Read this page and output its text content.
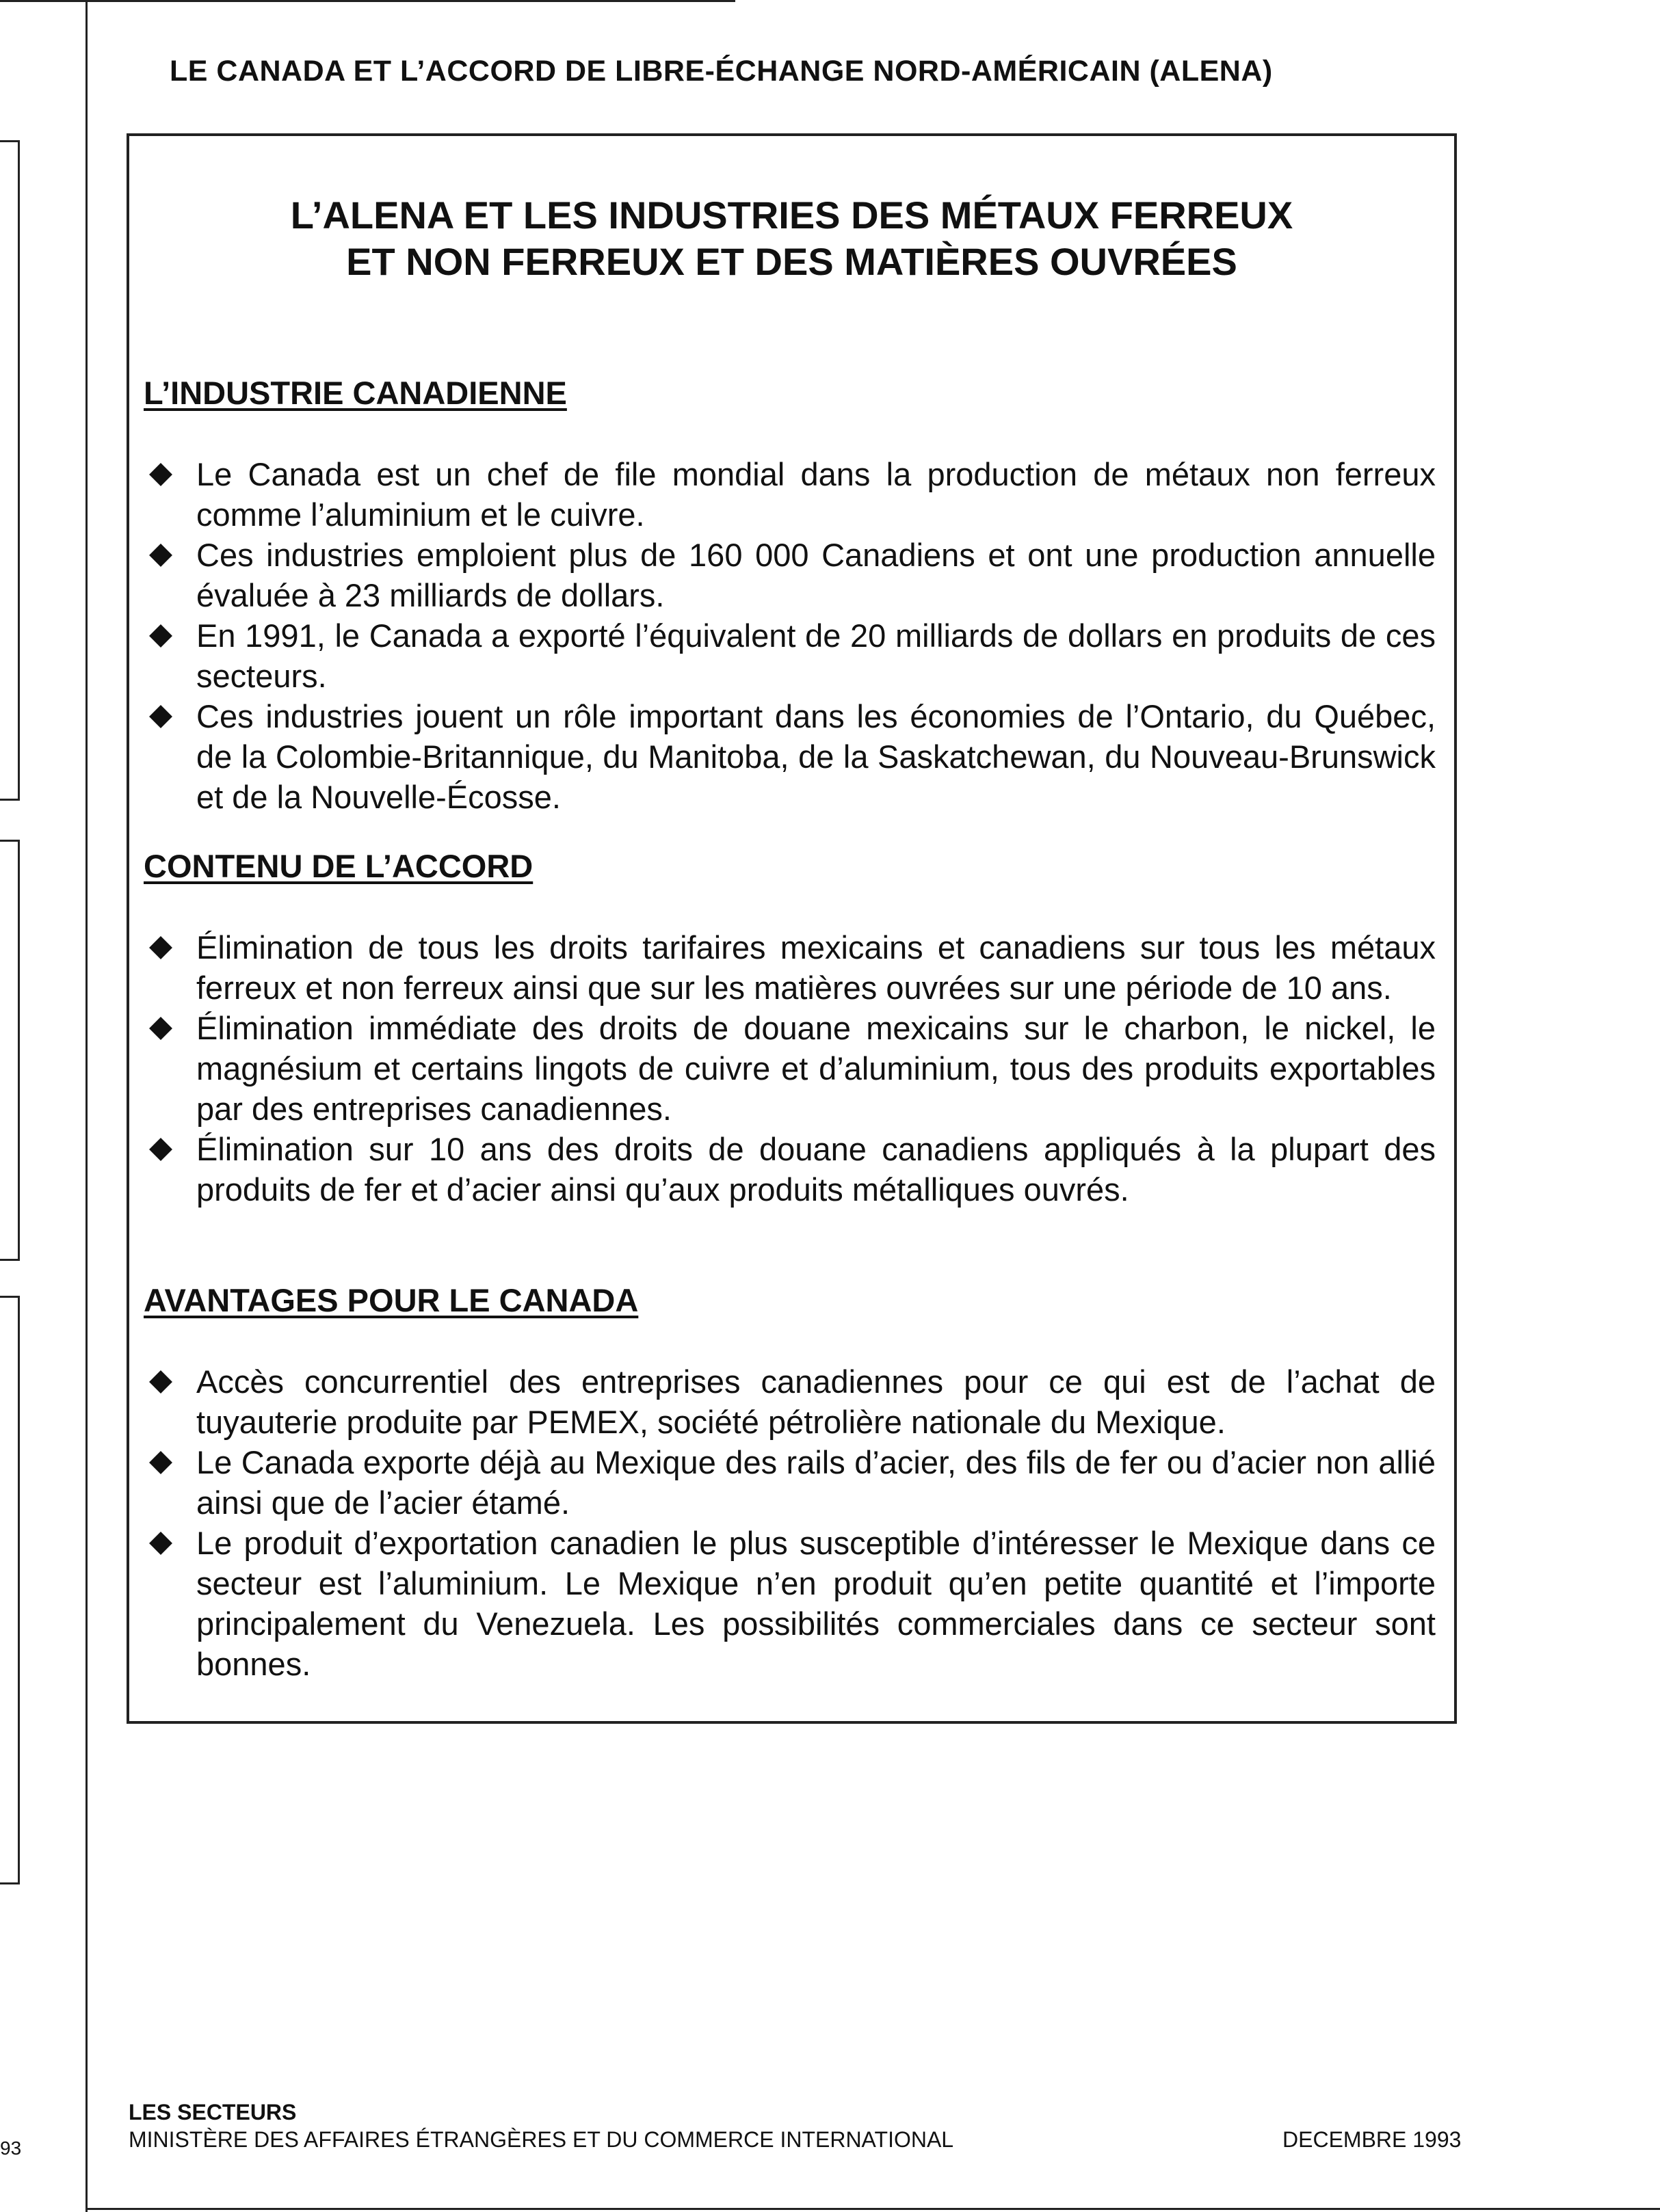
93
LE CANADA ET L’ACCORD DE LIBRE-ÉCHANGE NORD-AMÉRICAIN (ALENA)
L’ALENA ET LES INDUSTRIES DES MÉTAUX FERREUX
ET NON FERREUX ET DES MATIÈRES OUVRÉES
L’INDUSTRIE CANADIENNE
Le Canada est un chef de file mondial dans la production de métaux non ferreux comme l’aluminium et le cuivre.
Ces industries emploient plus de 160 000 Canadiens et ont une production annuelle évaluée à 23 milliards de dollars.
En 1991, le Canada a exporté l’équivalent de 20 milliards de dollars en produits de ces secteurs.
Ces industries jouent un rôle important dans les économies de l’Ontario, du Québec, de la Colombie-Britannique, du Manitoba, de la Saskatchewan, du Nouveau-Brunswick et de la Nouvelle-Écosse.
CONTENU DE L’ACCORD
Élimination de tous les droits tarifaires mexicains et canadiens sur tous les métaux ferreux et non ferreux ainsi que sur les matières ouvrées sur une période de 10 ans.
Élimination immédiate des droits de douane mexicains sur le charbon, le nickel, le magnésium et certains lingots de cuivre et d’aluminium, tous des produits exportables par des entreprises canadiennes.
Élimination sur 10 ans des droits de douane canadiens appliqués à la plupart des produits de fer et d’acier ainsi qu’aux produits métalliques ouvrés.
AVANTAGES POUR LE CANADA
Accès concurrentiel des entreprises canadiennes pour ce qui est de l’achat de tuyauterie produite par PEMEX, société pétrolière nationale du Mexique.
Le Canada exporte déjà au Mexique des rails d’acier, des fils de fer ou d’acier non allié ainsi que de l’acier étamé.
Le produit d’exportation canadien le plus susceptible d’intéresser le Mexique dans ce secteur est l’aluminium. Le Mexique n’en produit qu’en petite quantité et l’importe principalement du Venezuela. Les possibilités commerciales dans ce secteur sont bonnes.
LES SECTEURS
MINISTÈRE DES AFFAIRES ÉTRANGÈRES ET DU COMMERCE INTERNATIONAL	DECEMBRE 1993
